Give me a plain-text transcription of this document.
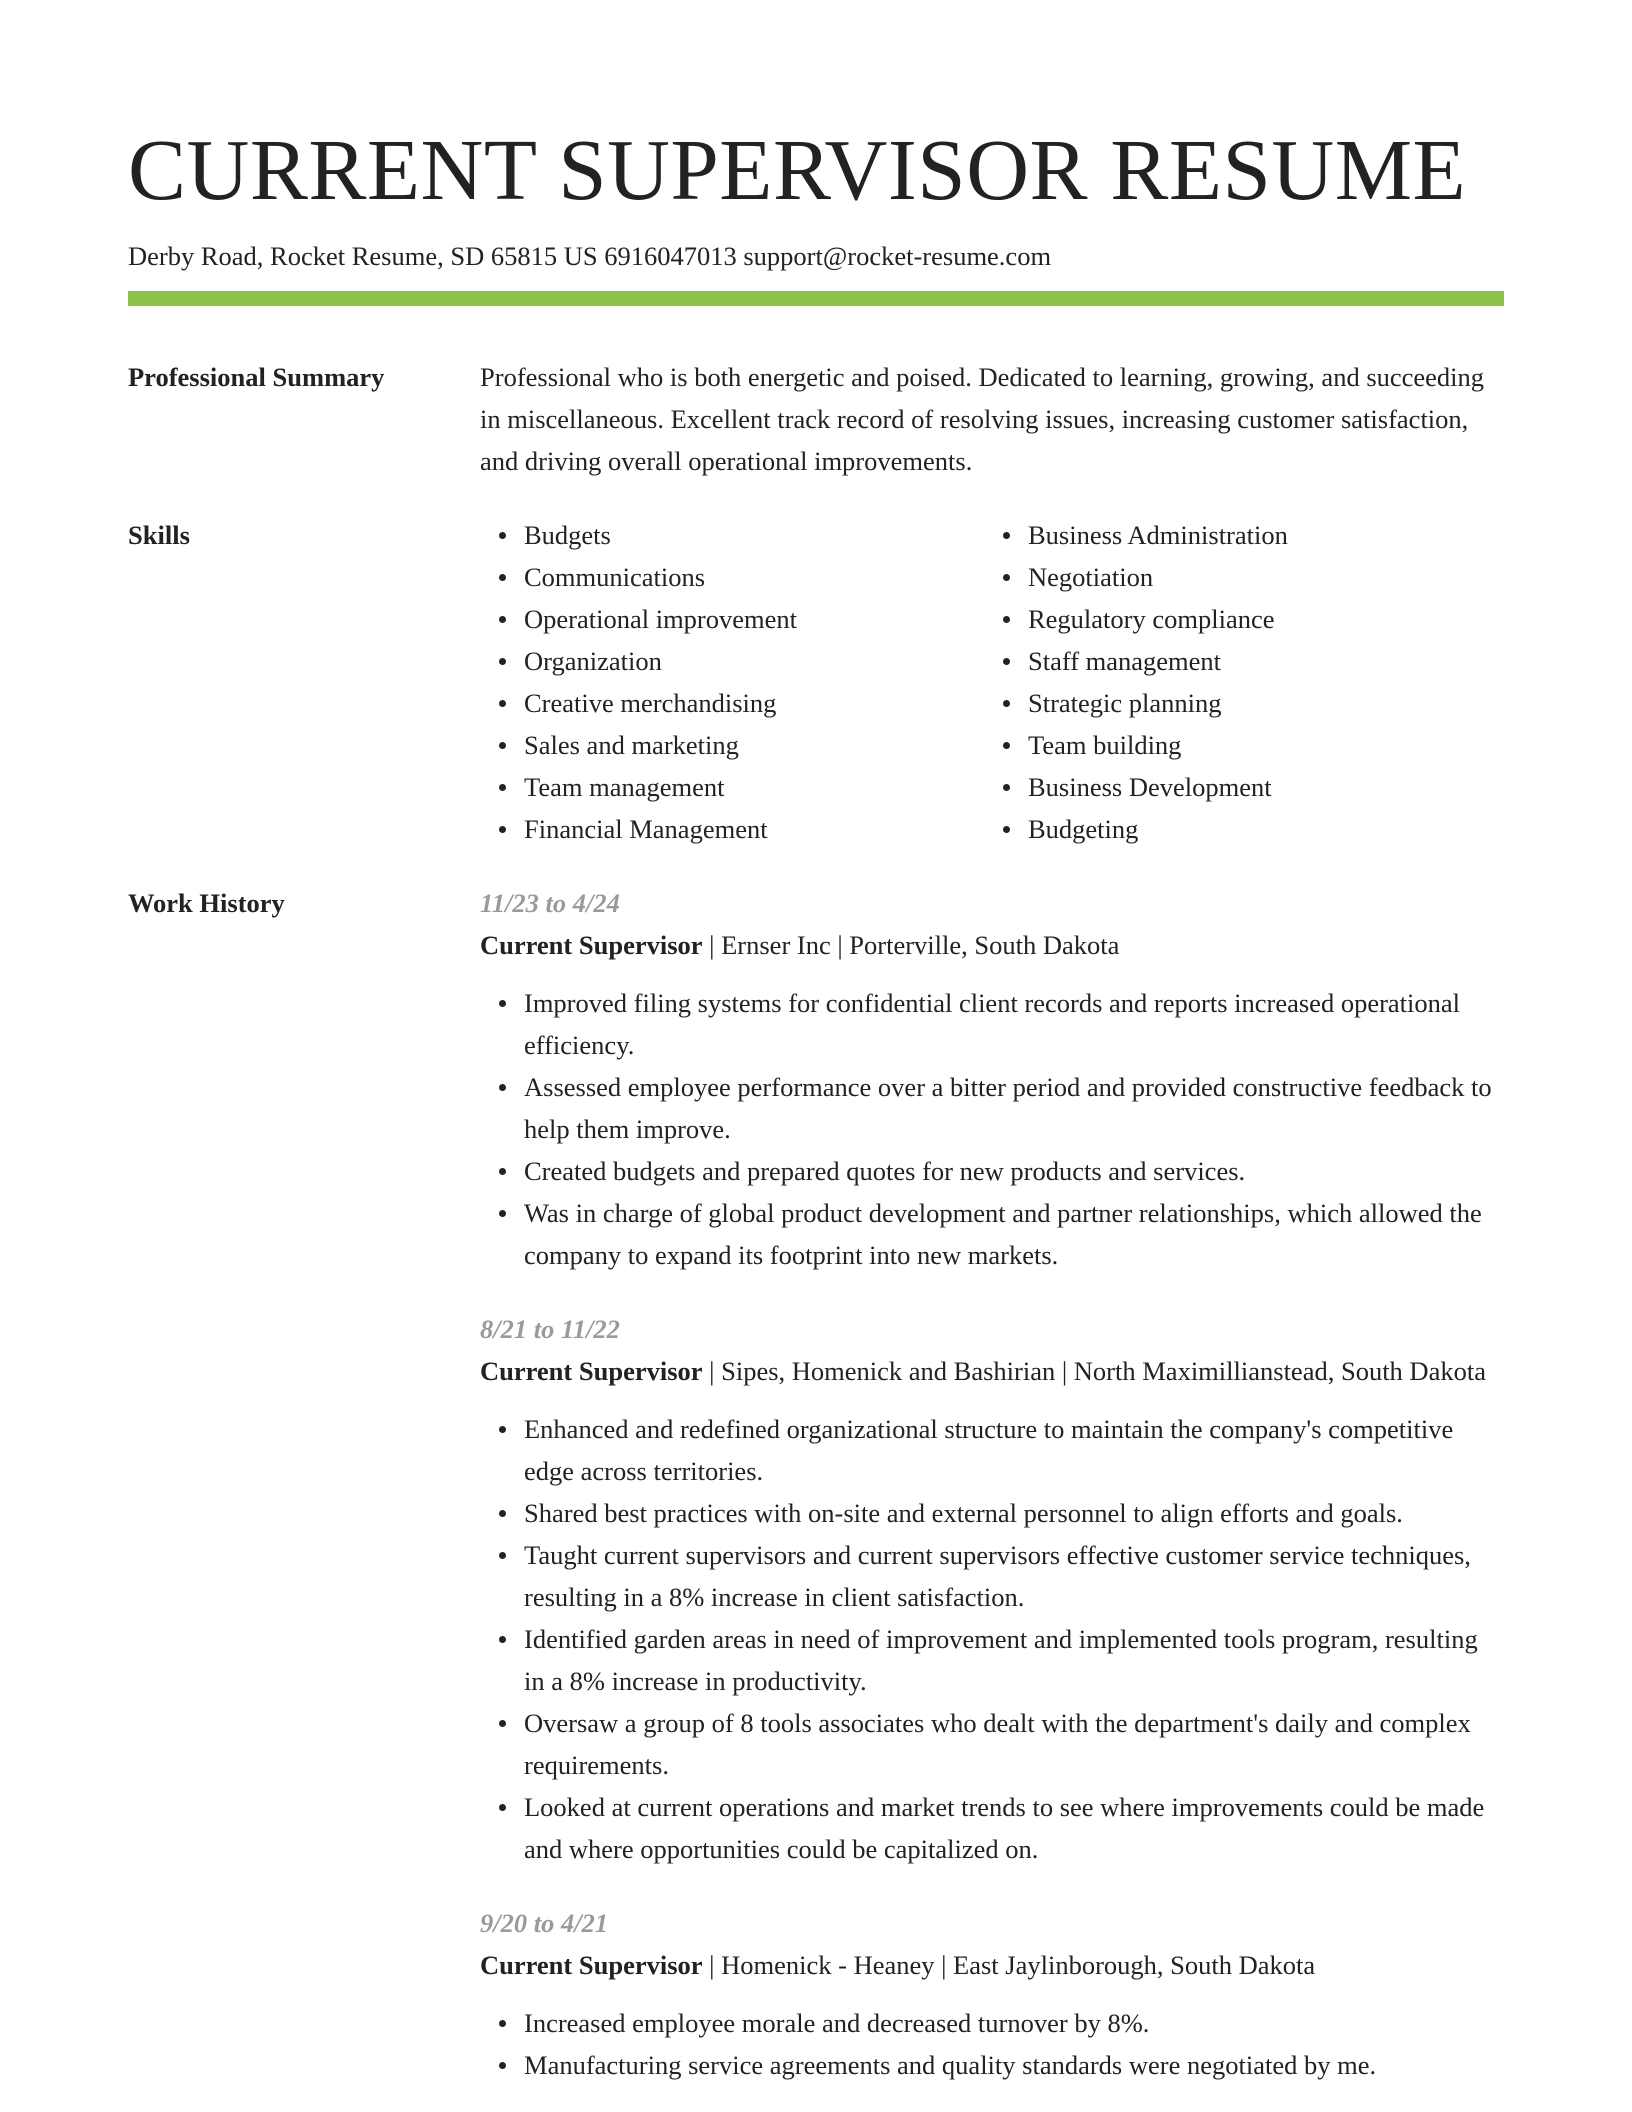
CURRENT SUPERVISOR RESUME
Derby Road, Rocket Resume, SD 65815 US 6916047013 support@rocket-resume.com
Professional Summary	Professional who is both energetic and poised. Dedicated to learning, growing, and succeeding in miscellaneous. Excellent track record of resolving issues, increasing customer satisfaction, and driving overall operational improvements.
Skills	Budgets
Communications
Operational improvement
Organization
Creative merchandising
Sales and marketing
Team management
Financial Management
Business Administration
Negotiation
Regulatory compliance
Staff management
Strategic planning
Team building
Business Development
Budgeting
Work History	11/23 to 4/24
Current Supervisor | Ernser Inc | Porterville, South Dakota
Improved filing systems for confidential client records and reports increased operational efficiency.
Assessed employee performance over a bitter period and provided constructive feedback to help them improve.
Created budgets and prepared quotes for new products and services.
Was in charge of global product development and partner relationships, which allowed the company to expand its footprint into new markets.
8/21 to 11/22
Current Supervisor | Sipes, Homenick and Bashirian | North Maximillianstead, South Dakota
Enhanced and redefined organizational structure to maintain the company's competitive edge across territories.
Shared best practices with on-site and external personnel to align efforts and goals.
Taught current supervisors and current supervisors effective customer service techniques, resulting in a 8% increase in client satisfaction.
Identified garden areas in need of improvement and implemented tools program, resulting in a 8% increase in productivity.
Oversaw a group of 8 tools associates who dealt with the department's daily and complex requirements.
Looked at current operations and market trends to see where improvements could be made and where opportunities could be capitalized on.
9/20 to 4/21
Current Supervisor | Homenick - Heaney | East Jaylinborough, South Dakota
Increased employee morale and decreased turnover by 8%.
Manufacturing service agreements and quality standards were negotiated by me.
